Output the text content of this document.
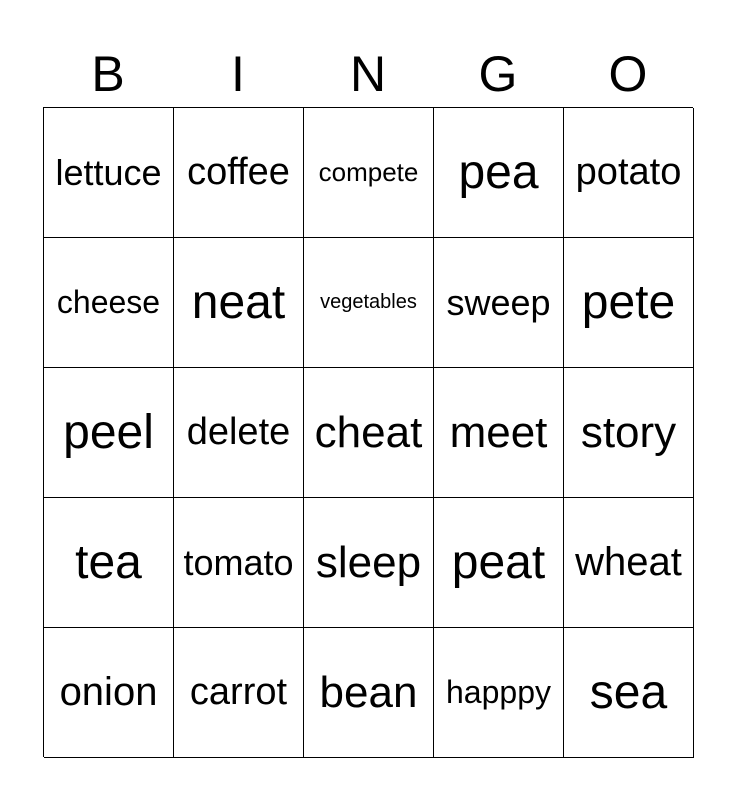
B	I	N	G	O
lettuce coffee	compete pea potato
cheese neat	vegetables sweep pete
peel delete cheat meet story
tea	tomato sleep peat wheat
onion carrot bean happpy sea
